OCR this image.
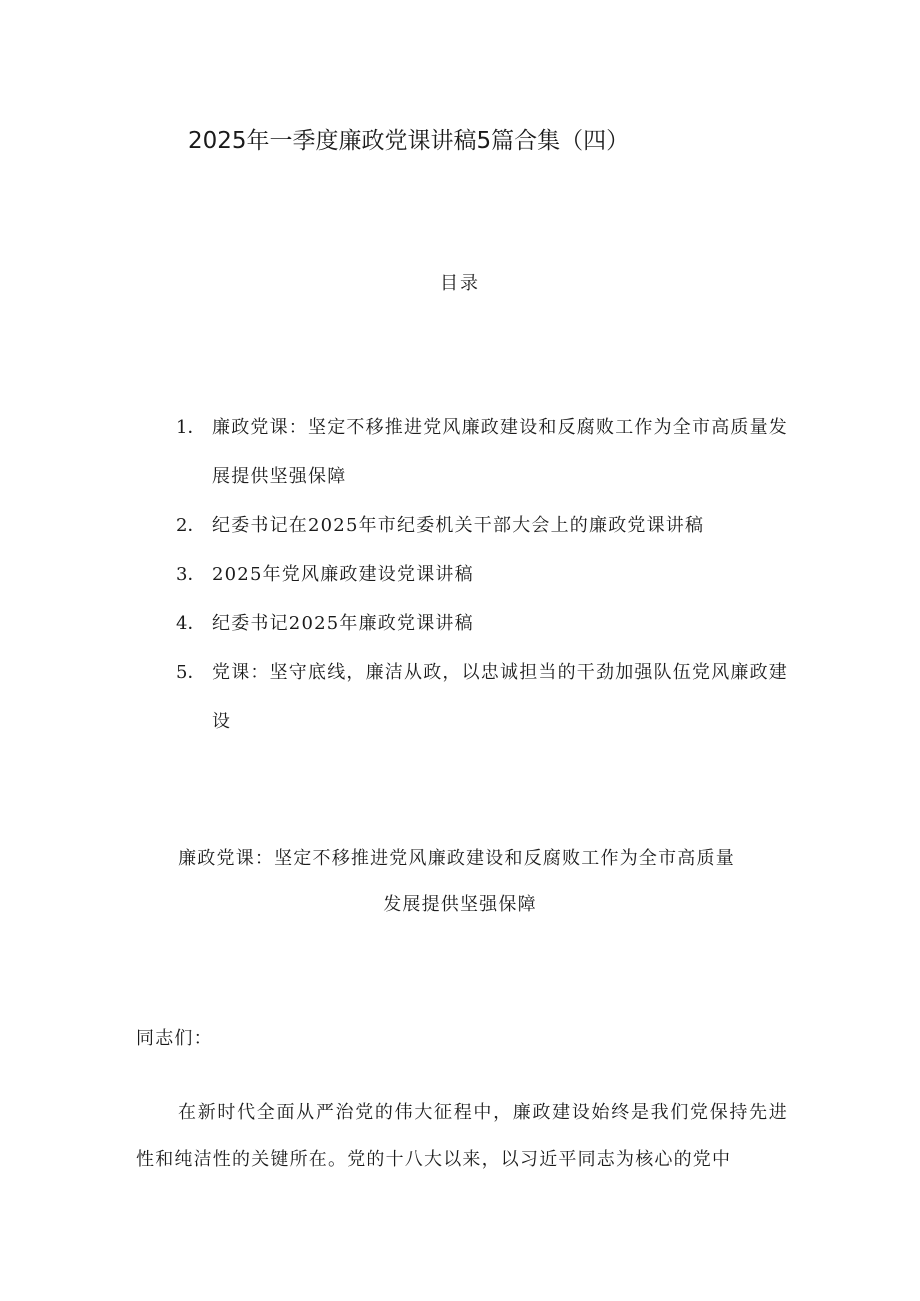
2025年一季度廉政党课讲稿5篇合集（四）
目录
1． 廉政党课：坚定不移推进党风廉政建设和反腐败工作为全市高质量发展提供坚强保障
2． 纪委书记在2025年市纪委机关干部大会上的廉政党课讲稿
3． 2025年党风廉政建设党课讲稿
4． 纪委书记2025年廉政党课讲稿
5． 党课：坚守底线，廉洁从政，以忠诚担当的干劲加强队伍党风廉政建设
廉政党课：坚定不移推进党风廉政建设和反腐败工作为全市高质量
发展提供坚强保障
同志们：
在新时代全面从严治党的伟大征程中，廉政建设始终是我们党保持先进性和纯洁性的关键所在。党的十八大以来，以习近平同志为核心的党中
